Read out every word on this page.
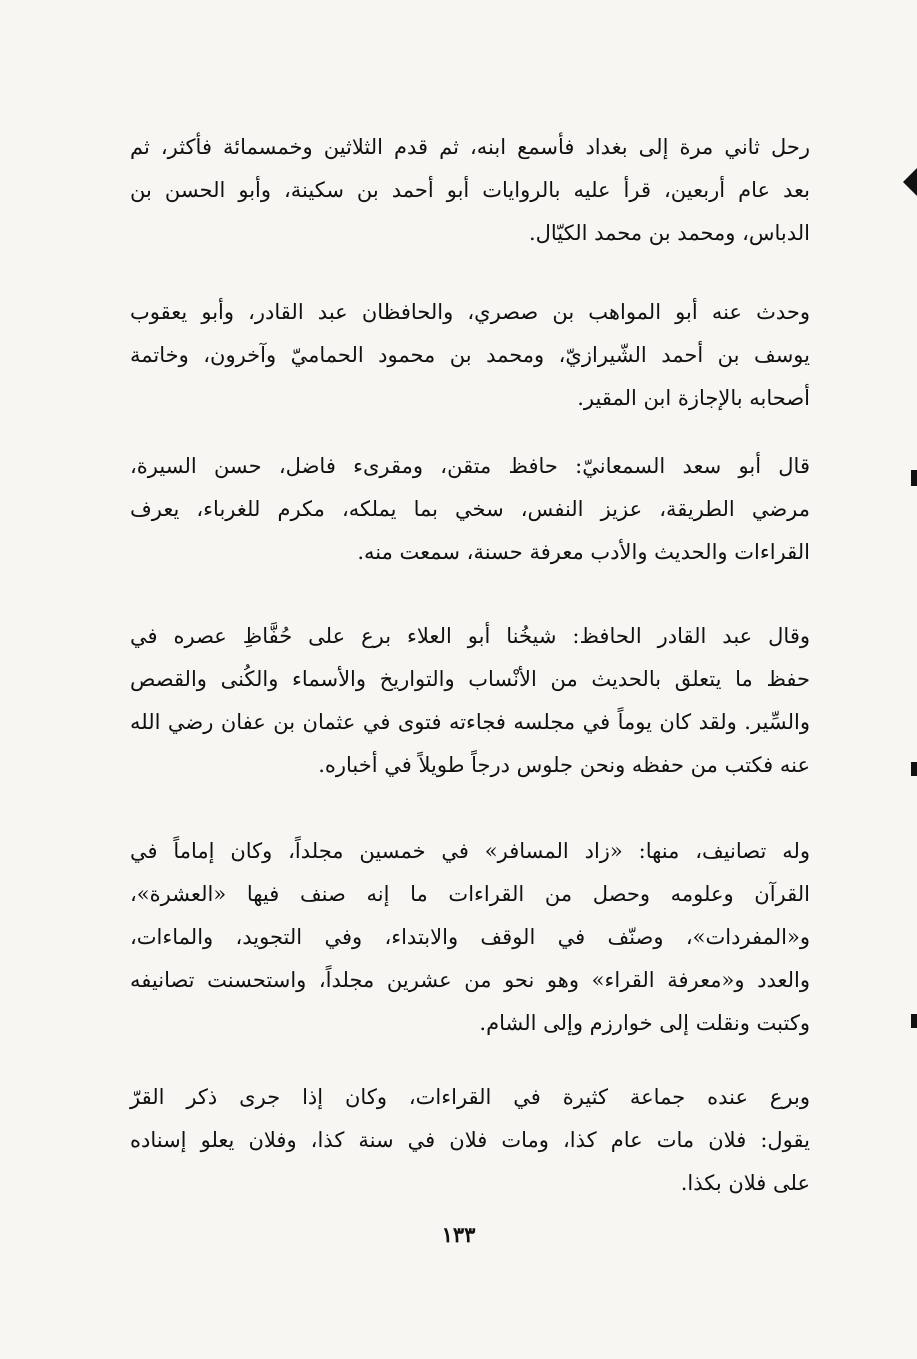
رحل ثاني مرة إلى بغداد فأسمع ابنه، ثم قدم الثلاثين وخمسمائة فأكثر، ثم
بعد عام أربعين، قرأ عليه بالروايات أبو أحمد بن سكينة، وأبو الحسن بن
الدباس، ومحمد بن محمد الكيّال.
وحدث عنه أبو المواهب بن صصري، والحافظان عبد القادر، وأبو يعقوب
يوسف بن أحمد الشّيرازيّ، ومحمد بن محمود الحماميّ وآخرون، وخاتمة
أصحابه بالإجازة ابن المقير.
قال أبو سعد السمعانيّ: حافظ متقن، ومقرىء فاضل، حسن السيرة،
مرضي الطريقة، عزيز النفس، سخي بما يملكه، مكرم للغرباء، يعرف
القراءات والحديث والأدب معرفة حسنة، سمعت منه.
وقال عبد القادر الحافظ: شيخُنا أبو العلاء برع على حُفَّاظِ عصره في
حفظ ما يتعلق بالحديث من الأنْساب والتواريخ والأسماء والكُنى والقصص
والسِّير. ولقد كان يوماً في مجلسه فجاءته فتوى في عثمان بن عفان رضي الله
عنه فكتب من حفظه ونحن جلوس درجاً طويلاً في أخباره.
وله تصانيف، منها: «زاد المسافر» في خمسين مجلداً، وكان إماماً في
القرآن وعلومه وحصل من القراءات ما إنه صنف فيها «العشرة»،
و«المفردات»، وصنّف في الوقف والابتداء، وفي التجويد، والماءات،
والعدد و«معرفة القراء» وهو نحو من عشرين مجلداً، واستحسنت تصانيفه
وكتبت ونقلت إلى خوارزم وإلى الشام.
وبرع عنده جماعة كثيرة في القراءات، وكان إذا جرى ذكر القرّ
يقول: فلان مات عام كذا، ومات فلان في سنة كذا، وفلان يعلو إسناده
على فلان بكذا.
١٣٣
